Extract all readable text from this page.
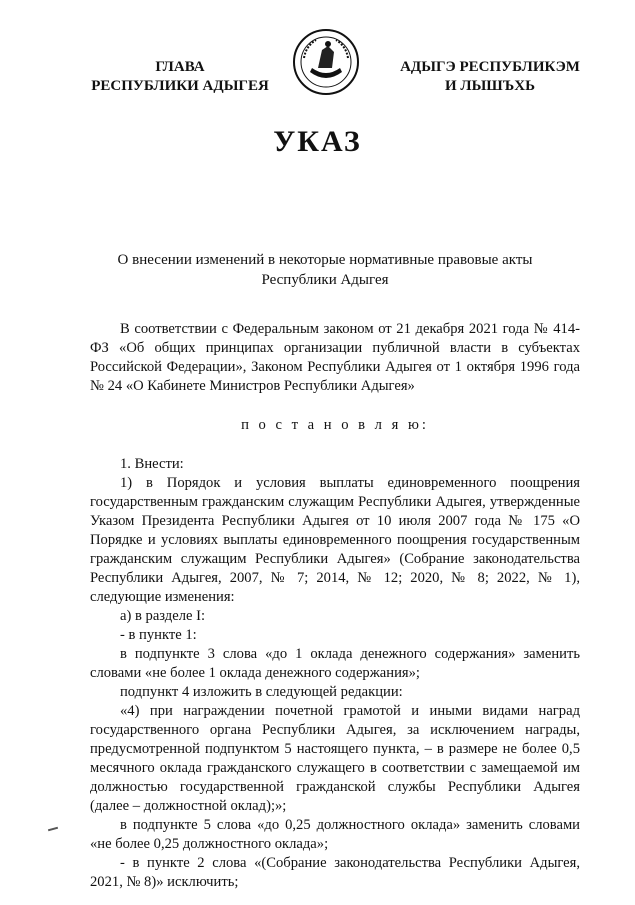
ГЛАВА
РЕСПУБЛИКИ АДЫГЕЯ
АДЫГЭ РЕСПУБЛИКЭМ
И ЛЫШЪХЬ
УКАЗ
О внесении изменений в некоторые нормативные правовые акты
Республики Адыгея

В соответствии с Федеральным законом от 21 декабря 2021 года № 414-ФЗ «Об общих принципах организации публичной власти в субъектах Российской Федерации», Законом Республики Адыгея от 1 октября 1996 года № 24 «О Кабинете Министров Республики Адыгея»

п о с т а н о в л я ю:

1. Внести:

1) в Порядок и условия выплаты единовременного поощрения государственным гражданским служащим Республики Адыгея, утвержденные Указом Президента Республики Адыгея от 10 июля 2007 года № 175 «О Порядке и условиях выплаты единовременного поощрения государственным гражданским служащим Республики Адыгея» (Собрание законодательства Республики Адыгея, 2007, № 7; 2014, № 12; 2020, № 8; 2022, № 1), следующие изменения:

а) в разделе I:

- в пункте 1:

в подпункте 3 слова «до 1 оклада денежного содержания» заменить словами «не более 1 оклада денежного содержания»;

подпункт 4 изложить в следующей редакции:

«4) при награждении почетной грамотой и иными видами наград государственного органа Республики Адыгея, за исключением награды, предусмотренной подпунктом 5 настоящего пункта, – в размере не более 0,5 месячного оклада гражданского служащего в соответствии с замещаемой им должностью государственной гражданской службы Республики Адыгея (далее – должностной оклад);»;

в подпункте 5 слова «до 0,25 должностного оклада» заменить словами «не более 0,25 должностного оклада»;

- в пункте 2 слова «(Собрание законодательства Республики Адыгея, 2021, № 8)» исключить;
